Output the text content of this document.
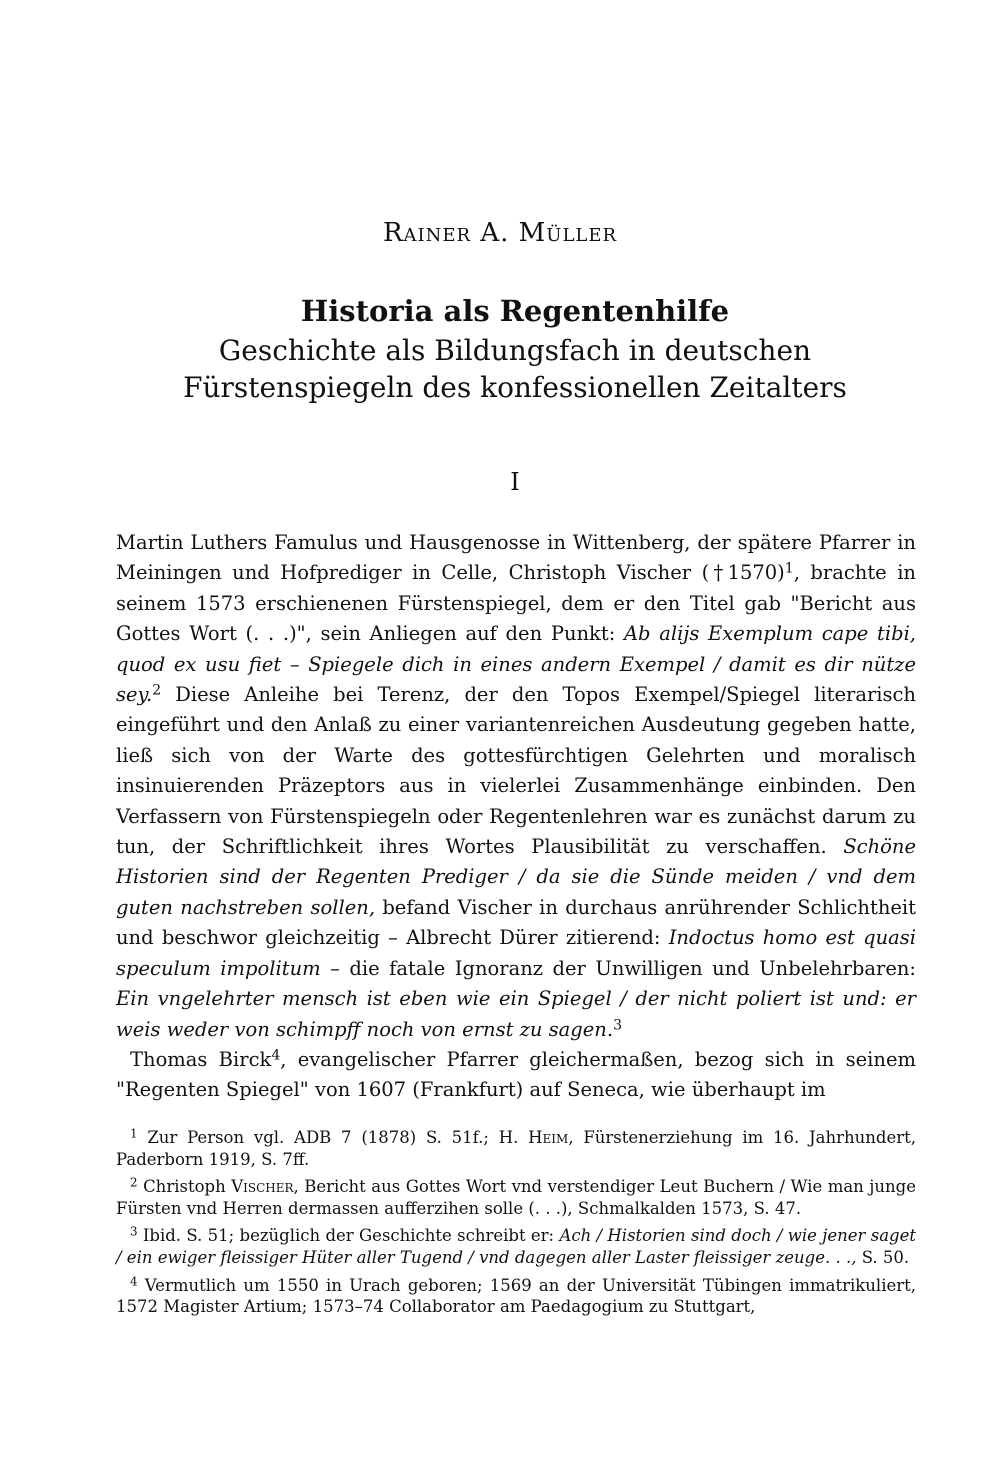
Rainer A. Müller
Historia als Regentenhilfe
Geschichte als Bildungsfach in deutschen
Fürstenspiegeln des konfessionellen Zeitalters
I

Martin Luthers Famulus und Hausgenosse in Wittenberg, der spätere Pfarrer in Meiningen und Hofprediger in Celle, Christoph Vischer (†1570)$^1$, brachte in seinem 1573 erschienenen Fürstenspiegel, dem er den Titel gab "Bericht aus Gottes Wort (. . .)", sein Anliegen auf den Punkt: Ab alijs Exemplum cape tibi, quod ex usu fiet – Spiegele dich in eines andern Exempel / damit es dir nütze sey.$^2$ Diese Anleihe bei Terenz, der den Topos Exempel/Spiegel literarisch eingeführt und den Anlaß zu einer variantenreichen Ausdeutung gegeben hatte, ließ sich von der Warte des gottesfürchtigen Gelehrten und moralisch insinuierenden Präzeptors aus in vielerlei Zusammenhänge einbinden. Den Verfassern von Fürstenspiegeln oder Regentenlehren war es zunächst darum zu tun, der Schriftlichkeit ihres Wortes Plausibilität zu verschaffen. Schöne Historien sind der Regenten Prediger / da sie die Sünde meiden / vnd dem guten nachstreben sollen, befand Vischer in durchaus anrührender Schlichtheit und beschwor gleichzeitig – Albrecht Dürer zitierend: Indoctus homo est quasi speculum impolitum – die fatale Ignoranz der Unwilligen und Unbelehrbaren: Ein vngelehrter mensch ist eben wie ein Spiegel / der nicht poliert ist und: er weis weder von schimpff noch von ernst zu sagen.$^3$

Thomas Birck$^4$, evangelischer Pfarrer gleichermaßen, bezog sich in seinem "Regenten Spiegel" von 1607 (Frankfurt) auf Seneca, wie überhaupt im

$^1$ Zur Person vgl. ADB 7 (1878) S. 51f.; H. Heim, Fürstenerziehung im 16. Jahrhundert, Paderborn 1919, S. 7ff.

$^2$ Christoph Vischer, Bericht aus Gottes Wort vnd verstendiger Leut Buchern / Wie man junge Fürsten vnd Herren dermassen aufferzihen solle (. . .), Schmalkalden 1573, S. 47.

$^3$ Ibid. S. 51; bezüglich der Geschichte schreibt er: Ach / Historien sind doch / wie jener saget / ein ewiger fleissiger Hüter aller Tugend / vnd dagegen aller Laster fleissiger zeuge. . ., S. 50.

$^4$ Vermutlich um 1550 in Urach geboren; 1569 an der Universität Tübingen immatrikuliert, 1572 Magister Artium; 1573–74 Collaborator am Paedagogium zu Stuttgart,
